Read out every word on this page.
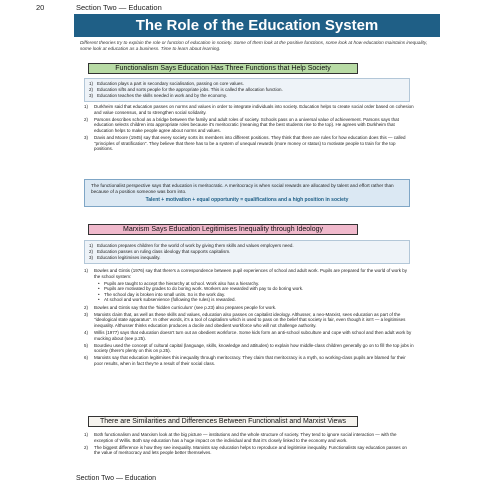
20	Section Two — Education
The Role of the Education System
Different theories try to explain the role or function of education in society. Some of them look at the positive functions, some look at how education maintains inequality, some look at education as a business. Time to learn about learning.
Functionalism Says Education Has Three Functions that Help Society
1) Education plays a part in secondary socialisation, passing on core values.
2) Education sifts and sorts people for the appropriate jobs. This is called the allocation function.
3) Education teaches the skills needed in work and by the economy.
1) Durkheim said that education passes on norms and values in order to integrate individuals into society. Education helps to create social order based on cohesion and value consensus, and to strengthen social solidarity.
2) Parsons describes school as a bridge between the family and adult roles of society. Schools pass on a universal value of achievement. Parsons says that education selects children into appropriate roles because it's meritocratic (meaning that the best students rise to the top). He agrees with Durkheim that education helps to make people agree about norms and values.
3) Davis and Moore (1945) say that every society sorts its members into different positions. They think that there are rules for how education does this — called "principles of stratification". They believe that there has to be a system of unequal rewards (more money or status) to motivate people to train for the top positions.
The functionalist perspective says that education is meritocratic. A meritocracy is when social rewards are allocated by talent and effort rather than because of a position someone was born into.
Talent + motivation + equal opportunity = qualifications and a high position in society
Marxism Says Education Legitimises Inequality through Ideology
1) Education prepares children for the world of work by giving them skills and values employers need.
2) Education passes on ruling class ideology that supports capitalism.
3) Education legitimises inequality.
1) Bowles and Gintis (1976) say that there's a correspondence between pupil experiences of school and adult work. Pupils are prepared for the world of work by the school system:
• Pupils are taught to accept the hierarchy at school. Work also has a hierarchy.
• Pupils are motivated by grades to do boring work. Workers are rewarded with pay to do boring work.
• The school day is broken into small units. So is the work day.
• At school and work subservience (following the rules) is rewarded.
2) Bowles and Gintis say that the 'hidden curriculum' (see p.23) also prepares people for work.
3) Marxists claim that, as well as these skills and values, education also passes on capitalist ideology. Althusser, a neo-Marxist, sees education as part of the "ideological state apparatus". In other words, it's a tool of capitalism which is used to pass on the belief that society is fair, even though it isn't — a legitimises inequality. Althusser thinks education produces a docile and obedient workforce who will not challenge authority.
4) Willis (1977) says that education doesn't turn out an obedient workforce. Some kids form an anti-school subculture and cope with school and then adult work by mucking about (see p.25).
5) Bourdieu used the concept of cultural capital (language, skills, knowledge and attitudes) to explain how middle-class children generally go on to fill the top jobs in society (there's plenty on this on p.25).
6) Marxists say that education legitimises this inequality through meritocracy. They claim that meritocracy is a myth, so working-class pupils are blamed for their poor results, when in fact they're a result of their social class.
There are Similarities and Differences Between Functionalist and Marxist Views
1) Both functionalism and Marxism look at the big picture — institutions and the whole structure of society. They tend to ignore social interaction — with the exception of Willis. Both say education has a huge impact on the individual and that it's closely linked to the economy and work.
2) The biggest difference is how they see inequality. Marxists say education helps to reproduce and legitimise inequality. Functionalists say education passes on the value of meritocracy and lets people better themselves.
Section Two — Education
